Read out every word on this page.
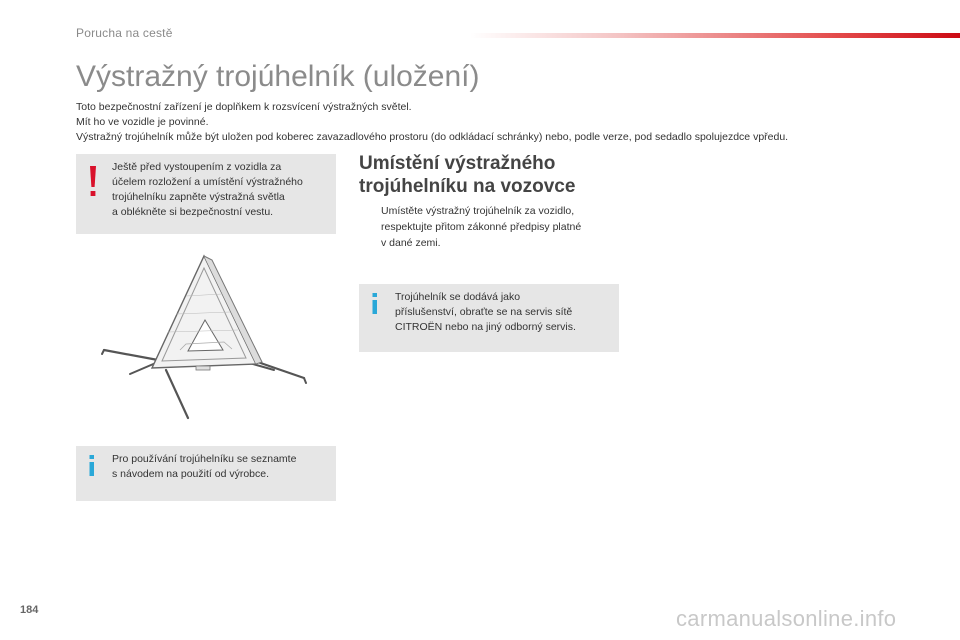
Porucha na cestě
Výstražný trojúhelník (uložení)
Toto bezpečnostní zařízení je doplňkem k rozsvícení výstražných světel.
Mít ho ve vozidle je povinné.
Výstražný trojúhelník může být uložen pod koberec zavazadlového prostoru (do odkládací schránky) nebo, podle verze, pod sedadlo spolujezdce vpředu.
Ještě před vystoupením z vozidla za
účelem rozložení a umístění výstražného
trojúhelníku zapněte výstražná světla
a oblékněte si bezpečnostní vestu.
Pro používání trojúhelníku se seznamte
s návodem na použití od výrobce.
Umístění výstražného
trojúhelníku na vozovce
Umístěte výstražný trojúhelník za vozidlo,
respektujte přitom zákonné předpisy platné
v dané zemi.
Trojúhelník se dodává jako
příslušenství, obraťte se na servis sítě
CITROËN nebo na jiný odborný servis.
184	carmanualsonline.info
